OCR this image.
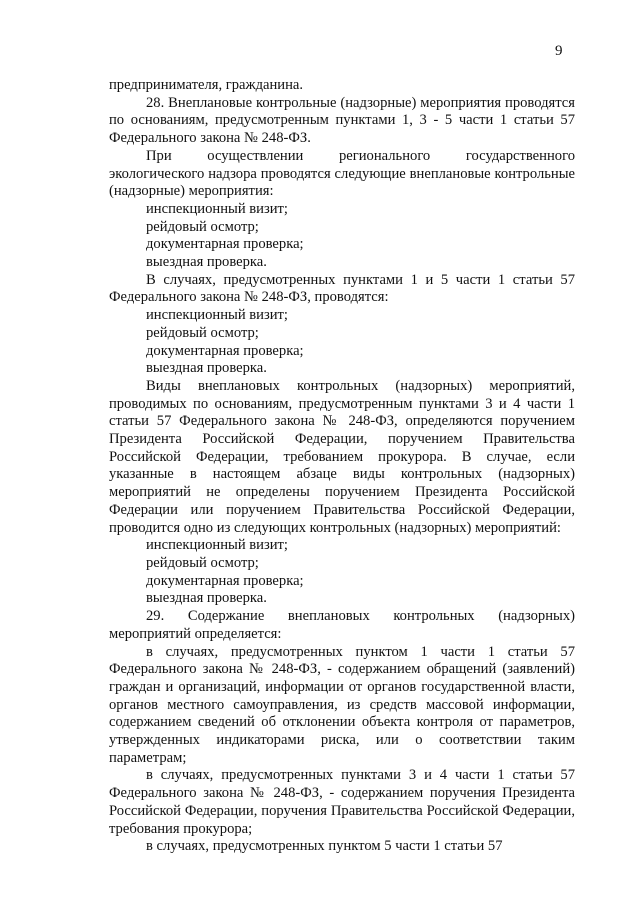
9

предпринимателя, гражданина.

28. Внеплановые контрольные (надзорные) мероприятия проводятся по основаниям, предусмотренным пунктами 1, 3 - 5 части 1 статьи 57 Федерального закона № 248-ФЗ.

При осуществлении регионального государственного экологического надзора проводятся следующие внеплановые контрольные (надзорные) мероприятия:

инспекционный визит;

рейдовый осмотр;

документарная проверка;

выездная проверка.

В случаях, предусмотренных пунктами 1 и 5 части 1 статьи 57 Федерального закона № 248-ФЗ, проводятся:

инспекционный визит;

рейдовый осмотр;

документарная проверка;

выездная проверка.

Виды внеплановых контрольных (надзорных) мероприятий, проводимых по основаниям, предусмотренным пунктами 3 и 4 части 1 статьи 57 Федерального закона № 248-ФЗ, определяются поручением Президента Российской Федерации, поручением Правительства Российской Федерации, требованием прокурора. В случае, если указанные в настоящем абзаце виды контрольных (надзорных) мероприятий не определены поручением Президента Российской Федерации или поручением Правительства Российской Федерации, проводится одно из следующих контрольных (надзорных) мероприятий:

инспекционный визит;

рейдовый осмотр;

документарная проверка;

выездная проверка.

29. Содержание внеплановых контрольных (надзорных) мероприятий определяется:

в случаях, предусмотренных пунктом 1 части 1 статьи 57 Федерального закона № 248-ФЗ, - содержанием обращений (заявлений) граждан и организаций, информации от органов государственной власти, органов местного самоуправления, из средств массовой информации, содержанием сведений об отклонении объекта контроля от параметров, утвержденных индикаторами риска, или о соответствии таким параметрам;

в случаях, предусмотренных пунктами 3 и 4 части 1 статьи 57 Федерального закона № 248-ФЗ, - содержанием поручения Президента Российской Федерации, поручения Правительства Российской Федерации, требования прокурора;

в случаях, предусмотренных пунктом 5 части 1 статьи 57
